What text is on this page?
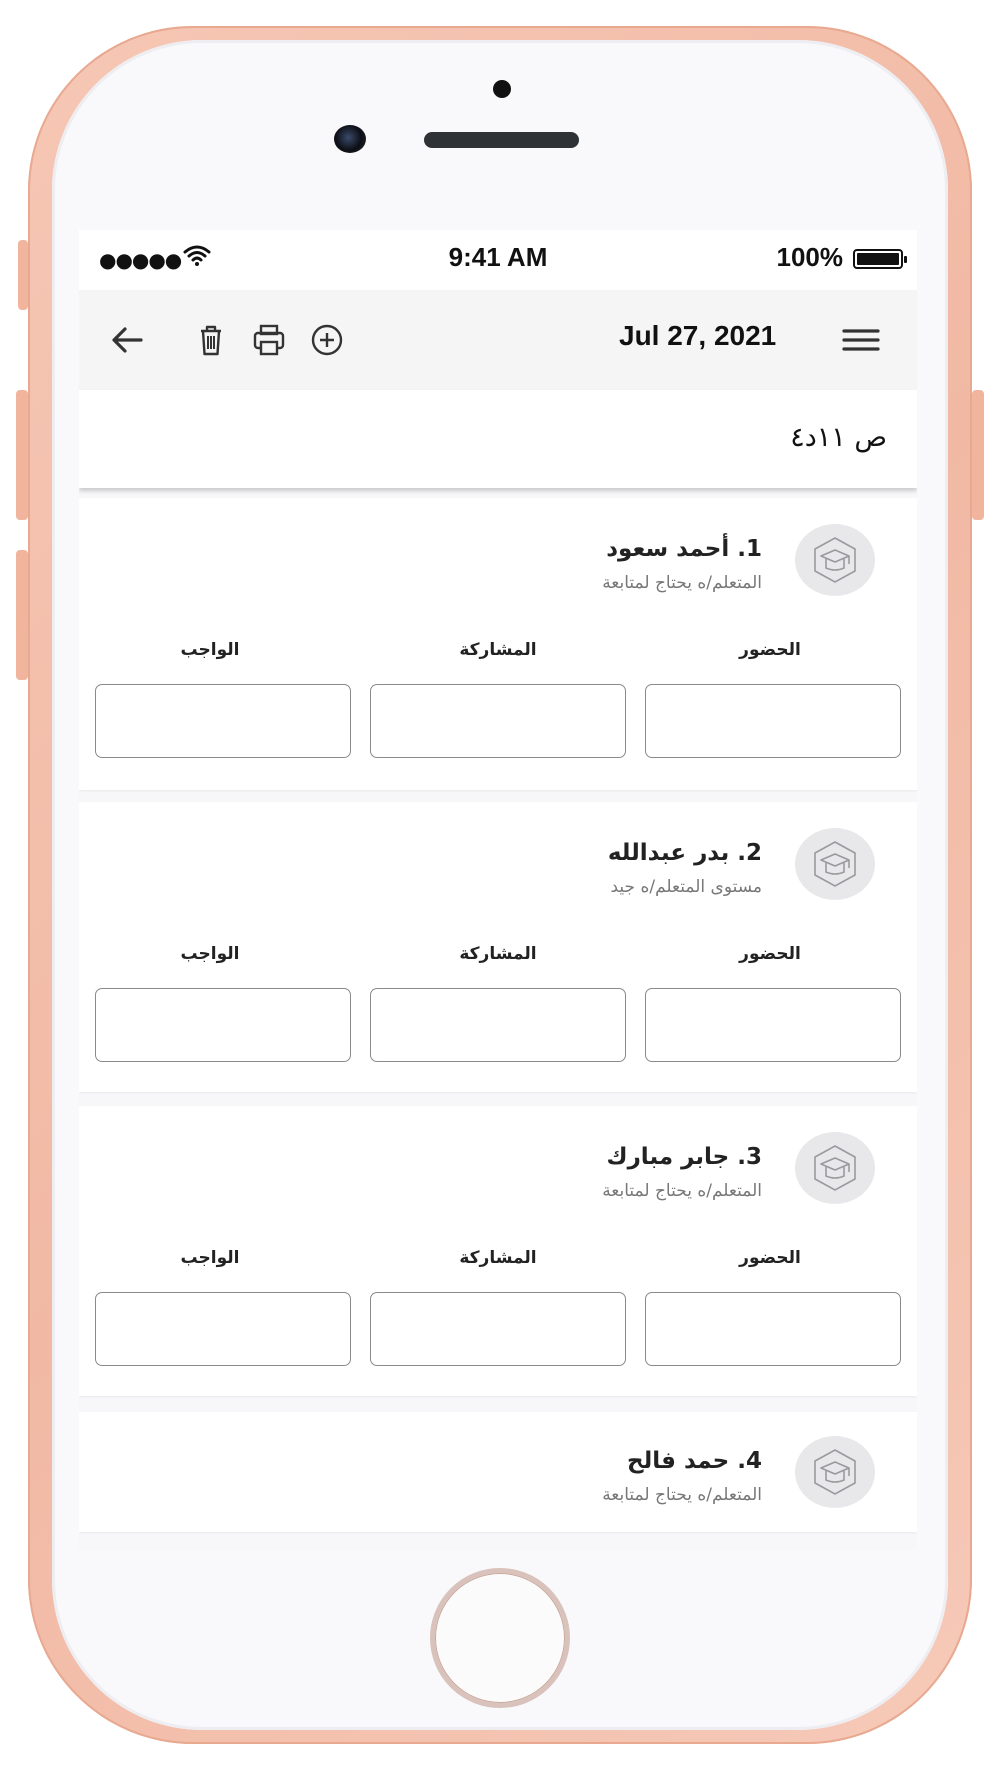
●●●●●	9:41 AM	100%
Jul 27, 2021
ص ١١د٤
1. أحمد سعود
المتعلم/ه يحتاج لمتابعة
الواجب	المشاركة	الحضور
2. بدر عبدالله
مستوى المتعلم/ه جيد
الواجب	المشاركة	الحضور
3. جابر مبارك
المتعلم/ه يحتاج لمتابعة
الواجب	المشاركة	الحضور
4. حمد فالح
المتعلم/ه يحتاج لمتابعة
